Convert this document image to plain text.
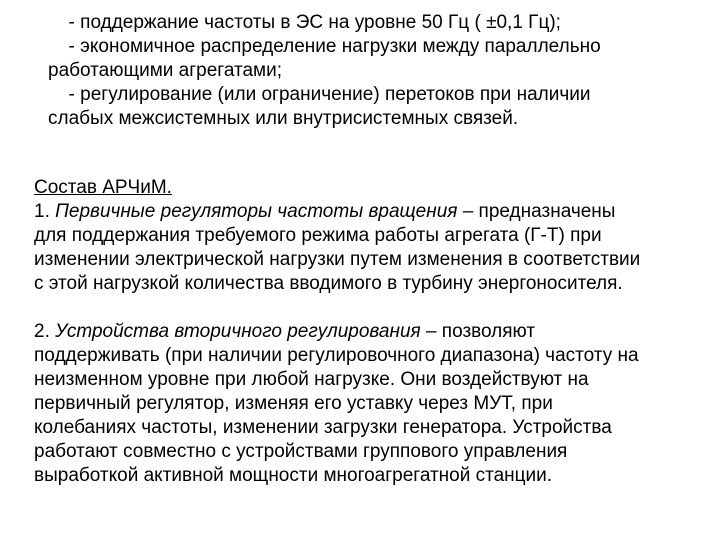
- поддержание частоты в ЭС на уровне 50 Гц ( ±0,1 Гц);
- экономичное распределение нагрузки между параллельно
работающими агрегатами;
- регулирование (или ограничение) перетоков при наличии
слабых межсистемных или внутрисистемных связей.
Состав АРЧиМ.
1. Первичные регуляторы частоты вращения – предназначены
для поддержания требуемого режима работы агрегата (Г-Т) при
изменении электрической нагрузки путем изменения в соответствии
с этой нагрузкой количества вводимого в турбину энергоносителя.
2. Устройства вторичного регулирования – позволяют
поддерживать (при наличии регулировочного диапазона) частоту на
неизменном уровне при любой нагрузке. Они воздействуют на
первичный регулятор, изменяя его уставку через МУТ, при
колебаниях частоты, изменении загрузки генератора. Устройства
работают совместно с устройствами группового управления
выработкой активной мощности многоагрегатной станции.
